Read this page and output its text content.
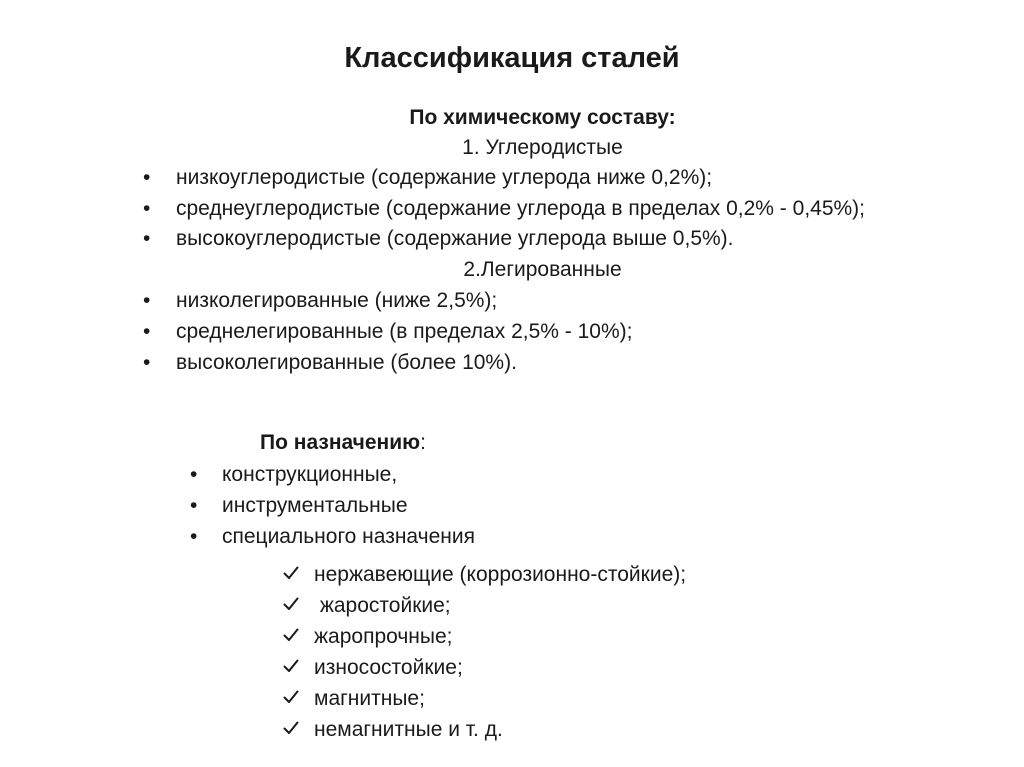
Классификация сталей
По химическому составу:
1. Углеродистые
• низкоуглеродистые (содержание углерода ниже 0,2%);
• среднеуглеродистые (содержание углерода в пределах 0,2% - 0,45%);
• высокоуглеродистые (содержание углерода выше 0,5%).
2.Легированные
• низколегированные (ниже 2,5%);
• среднелегированные (в пределах 2,5% - 10%);
• высоколегированные (более 10%).
По назначению:
• конструкционные,
• инструментальные
• специального назначения
нержавеющие (коррозионно-стойкие);
жаростойкие;
жаропрочные;
износостойкие;
магнитные;
немагнитные и т. д.
